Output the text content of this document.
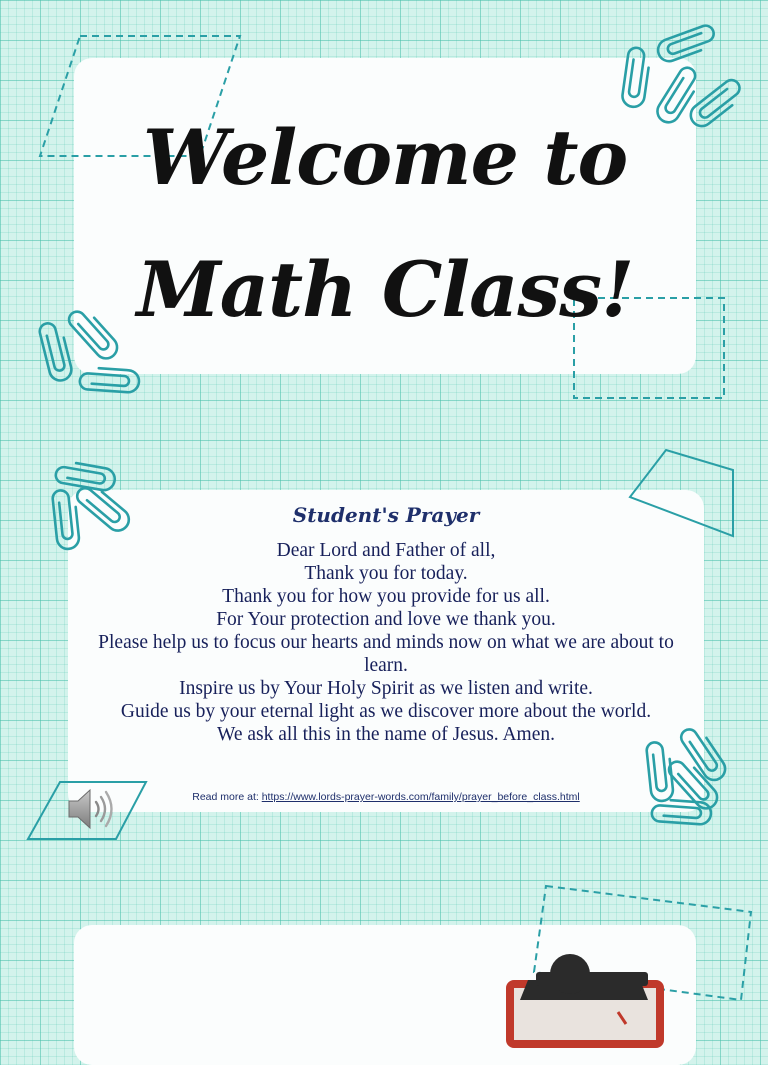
Welcome to
Math Class!
Student's Prayer
Dear Lord and Father of all,
Thank you for today.
Thank you for how you provide for us all.
For Your protection and love we thank you.
Please help us to focus our hearts and minds now on what we are about to learn.
Inspire us by Your Holy Spirit as we listen and write.
Guide us by your eternal light as we discover more about the world.
We ask all this in the name of Jesus. Amen.
Read more at: https://www.lords-prayer-words.com/family/prayer_before_class.html
